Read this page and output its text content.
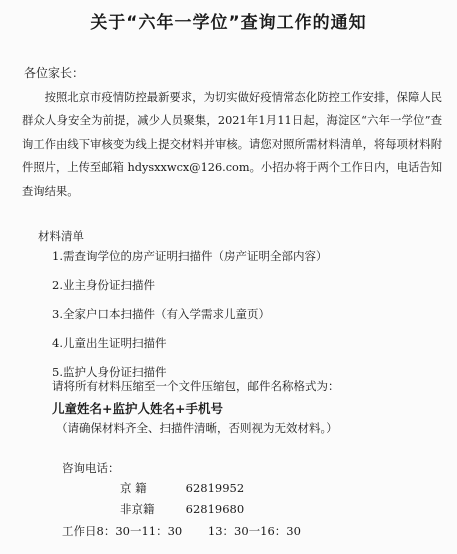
关于“六年一学位”查询工作的通知
各位家长：

按照北京市疫情防控最新要求，为切实做好疫情常态化防控工作安排，保障人民群众人身安全为前提，减少人员聚集，2021年1月11日起，海淀区“六年一学位”查询工作由线下审核变为线上提交材料并审核。请您对照所需材料清单，将每项材料附件照片，上传至邮箱 hdysxxwcx@126.com。小招办将于两个工作日内，电话告知查询结果。

材料清单
1.需查询学位的房产证明扫描件（房产证明全部内容）
2.业主身份证扫描件
3.全家户口本扫描件（有入学需求儿童页）
4.儿童出生证明扫描件
5.监护人身份证扫描件
请将所有材料压缩至一个文件压缩包，邮件名称格式为：
儿童姓名+监护人姓名+手机号
（请确保材料齐全、扫描件清晰，否则视为无效材料。）
咨询电话：
京 籍	62819952
非京籍	62819680
工作日8：30一11：30 13：30一16：30
